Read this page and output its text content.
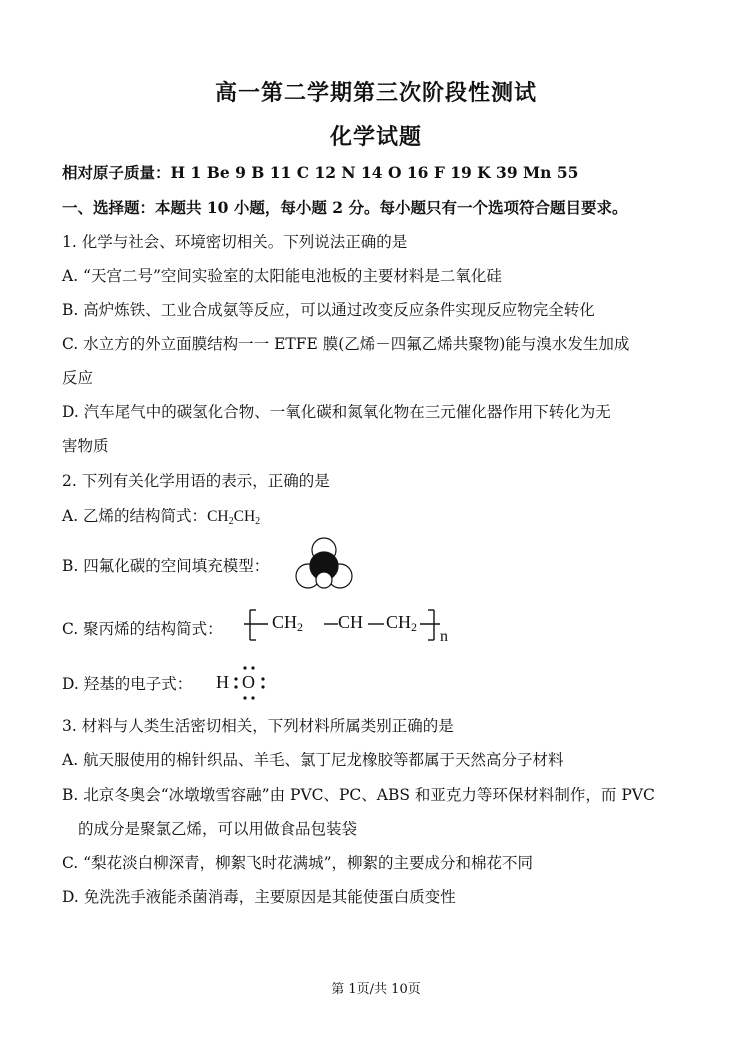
高一第二学期第三次阶段性测试
化学试题
相对原子质量：H 1 Be 9 B 11 C 12 N 14 O 16 F 19 K 39 Mn 55
一、选择题：本题共 10 小题，每小题 2 分。每小题只有一个选项符合题目要求。
1. 化学与社会、环境密切相关。下列说法正确的是
A. “天宫二号”空间实验室的太阳能电池板的主要材料是二氧化硅
B. 高炉炼铁、工业合成氨等反应，可以通过改变反应条件实现反应物完全转化
C. 水立方的外立面膜结构一一 ETFE 膜(乙烯－四氟乙烯共聚物)能与溴水发生加成
反应
D. 汽车尾气中的碳氢化合物、一氧化碳和氮氧化物在三元催化器作用下转化为无
害物质
2. 下列有关化学用语的表示，正确的是
A. 乙烯的结构简式：$CH_2CH_2$
B. 四氟化碳的空间填充模型：
C. 聚丙烯的结构简式：	$CH_2$ CH $CH_2$
n
D. 羟基的电子式：	H O
3. 材料与人类生活密切相关，下列材料所属类别正确的是
A. 航天服使用的棉针织品、羊毛、氯丁尼龙橡胶等都属于天然高分子材料
B. 北京冬奥会“冰墩墩雪容融”由 PVC、PC、ABS 和亚克力等环保材料制作，而 PVC
的成分是聚氯乙烯，可以用做食品包装袋
C. “梨花淡白柳深青，柳絮飞时花满城”，柳絮的主要成分和棉花不同
D. 免洗洗手液能杀菌消毒，主要原因是其能使蛋白质变性
第 1页/共 10页
